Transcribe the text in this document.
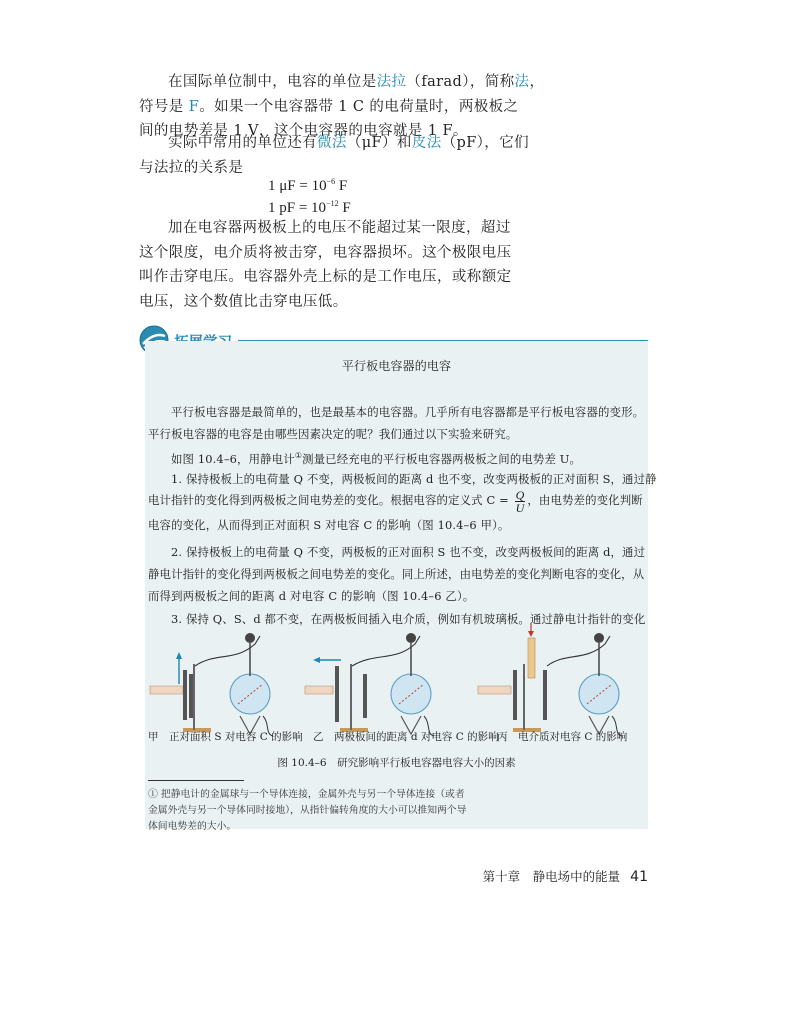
在国际单位制中，电容的单位是法拉（farad），简称法，
符号是 F。如果一个电容器带 1 C 的电荷量时，两极板之
间的电势差是 1 V，这个电容器的电容就是 1 F。
实际中常用的单位还有微法（μF）和皮法（pF），它们
与法拉的关系是
1 $\mu F = 10^{-6}$ F
1 pF = $10^{-12}$ F
加在电容器两极板上的电压不能超过某一限度，超过
这个限度，电介质将被击穿，电容器损坏。这个极限电压
叫作击穿电压。电容器外壳上标的是工作电压，或称额定
电压，这个数值比击穿电压低。
平行板电容器的电容
平行板电容器是最简单的，也是最基本的电容器。几乎所有电容器都是平行板电容器的变形。
平行板电容器的电容是由哪些因素决定的呢？我们通过以下实验来研究。
如图 10.4–6，用静电计①测量已经充电的平行板电容器两极板之间的电势差 U。
1. 保持极板上的电荷量 Q 不变，两极板间的距离 d 也不变，改变两极板的正对面积 S，通过静
电计指针的变化得到两极板之间电势差的变化。根据电容的定义式 $C = \frac{Q}{U}$ ，由电势差的变化判断
电容的变化，从而得到正对面积 S 对电容 C 的影响（图 10.4–6 甲）。
2. 保持极板上的电荷量 Q 不变，两极板的正对面积 S 也不变，改变两极板间的距离 d，通过
静电计指针的变化得到两极板之间电势差的变化。同上所述，由电势差的变化判断电容的变化，从
而得到两极板之间的距离 d 对电容 C 的影响（图 10.4–6 乙）。
3. 保持 Q、S、d 都不变，在两极板间插入电介质，例如有机玻璃板。通过静电计指针的变化
甲　正对面积 S 对电容 C 的影响 乙　两极板间的距离 d 对电容 C 的影响
丙　电介质对电容 C 的影响
图 10.4–6　研究影响平行板电容器电容大小的因素
① 把静电计的金属球与一个导体连接，金属外壳与另一个导体连接（或者
金属外壳与另一个导体同时接地），从指针偏转角度的大小可以推知两个导
体间电势差的大小。
第十章　静电场中的能量 41
